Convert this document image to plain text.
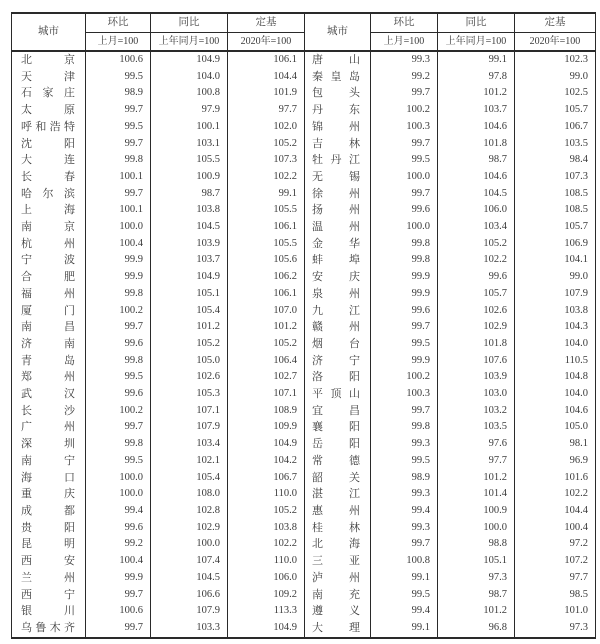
城市	环比	同比	定基	城市	环比	同比	定基
	上月=100	上年同月=100	2020年=100		上月=100	上年同月=100	2020年=100

北 京	100.6	104.9	106.1	唐 山	99.3	99.1	102.3

天 津	99.5	104.0	104.4	秦 皇 岛	99.2	97.8	99.0

石 家 庄	98.9	100.8	101.9	包 头	99.7	101.2	102.5

太 原	99.7	97.9	97.7	丹 东	100.2	103.7	105.7

呼 和 浩 特	99.5	100.1	102.0	锦 州	100.3	104.6	106.7

沈 阳	99.7	103.1	105.2	吉 林	99.7	101.8	103.5

大 连	99.8	105.5	107.3	牡 丹 江	99.5	98.7	98.4

长 春	100.1	100.9	102.2	无 锡	100.0	104.6	107.3

哈 尔 滨	99.7	98.7	99.1	徐 州	99.7	104.5	108.5

上 海	100.1	103.8	105.5	扬 州	99.6	106.0	108.5

南 京	100.0	104.5	106.1	温 州	100.0	103.4	105.7

杭 州	100.4	103.9	105.5	金 华	99.8	105.2	106.9

宁 波	99.9	103.7	105.6	蚌 埠	99.8	102.2	104.1

合 肥	99.9	104.9	106.2	安 庆	99.9	99.6	99.0

福 州	99.8	105.1	106.1	泉 州	99.9	105.7	107.9

厦 门	100.2	105.4	107.0	九 江	99.6	102.6	103.8

南 昌	99.7	101.2	101.2	赣 州	99.7	102.9	104.3

济 南	99.6	105.2	105.2	烟 台	99.5	101.8	104.0

青 岛	99.8	105.0	106.4	济 宁	99.9	107.6	110.5

郑 州	99.5	102.6	102.7	洛 阳	100.2	103.9	104.8

武 汉	99.6	105.3	107.1	平 顶 山	100.3	103.0	104.0

长 沙	100.2	107.1	108.9	宜 昌	99.7	103.2	104.6

广 州	99.7	107.9	109.9	襄 阳	99.8	103.5	105.0

深 圳	99.8	103.4	104.9	岳 阳	99.3	97.6	98.1

南 宁	99.5	102.1	104.2	常 德	99.5	97.7	96.9

海 口	100.0	105.4	106.7	韶 关	98.9	101.2	101.6

重 庆	100.0	108.0	110.0	湛 江	99.3	101.4	102.2

成 都	99.4	102.8	105.2	惠 州	99.4	100.9	104.4

贵 阳	99.6	102.9	103.8	桂 林	99.3	100.0	100.4

昆 明	99.2	100.0	102.2	北 海	99.7	98.8	97.2

西 安	100.4	107.4	110.0	三 亚	100.8	105.1	107.2

兰 州	99.9	104.5	106.0	泸 州	99.1	97.3	97.7

西 宁	99.7	106.6	109.2	南 充	99.5	98.7	98.5

银 川	100.6	107.9	113.3	遵 义	99.4	101.2	101.0

乌 鲁 木 齐	99.7	103.3	104.9	大 理	99.1	96.8	97.3
